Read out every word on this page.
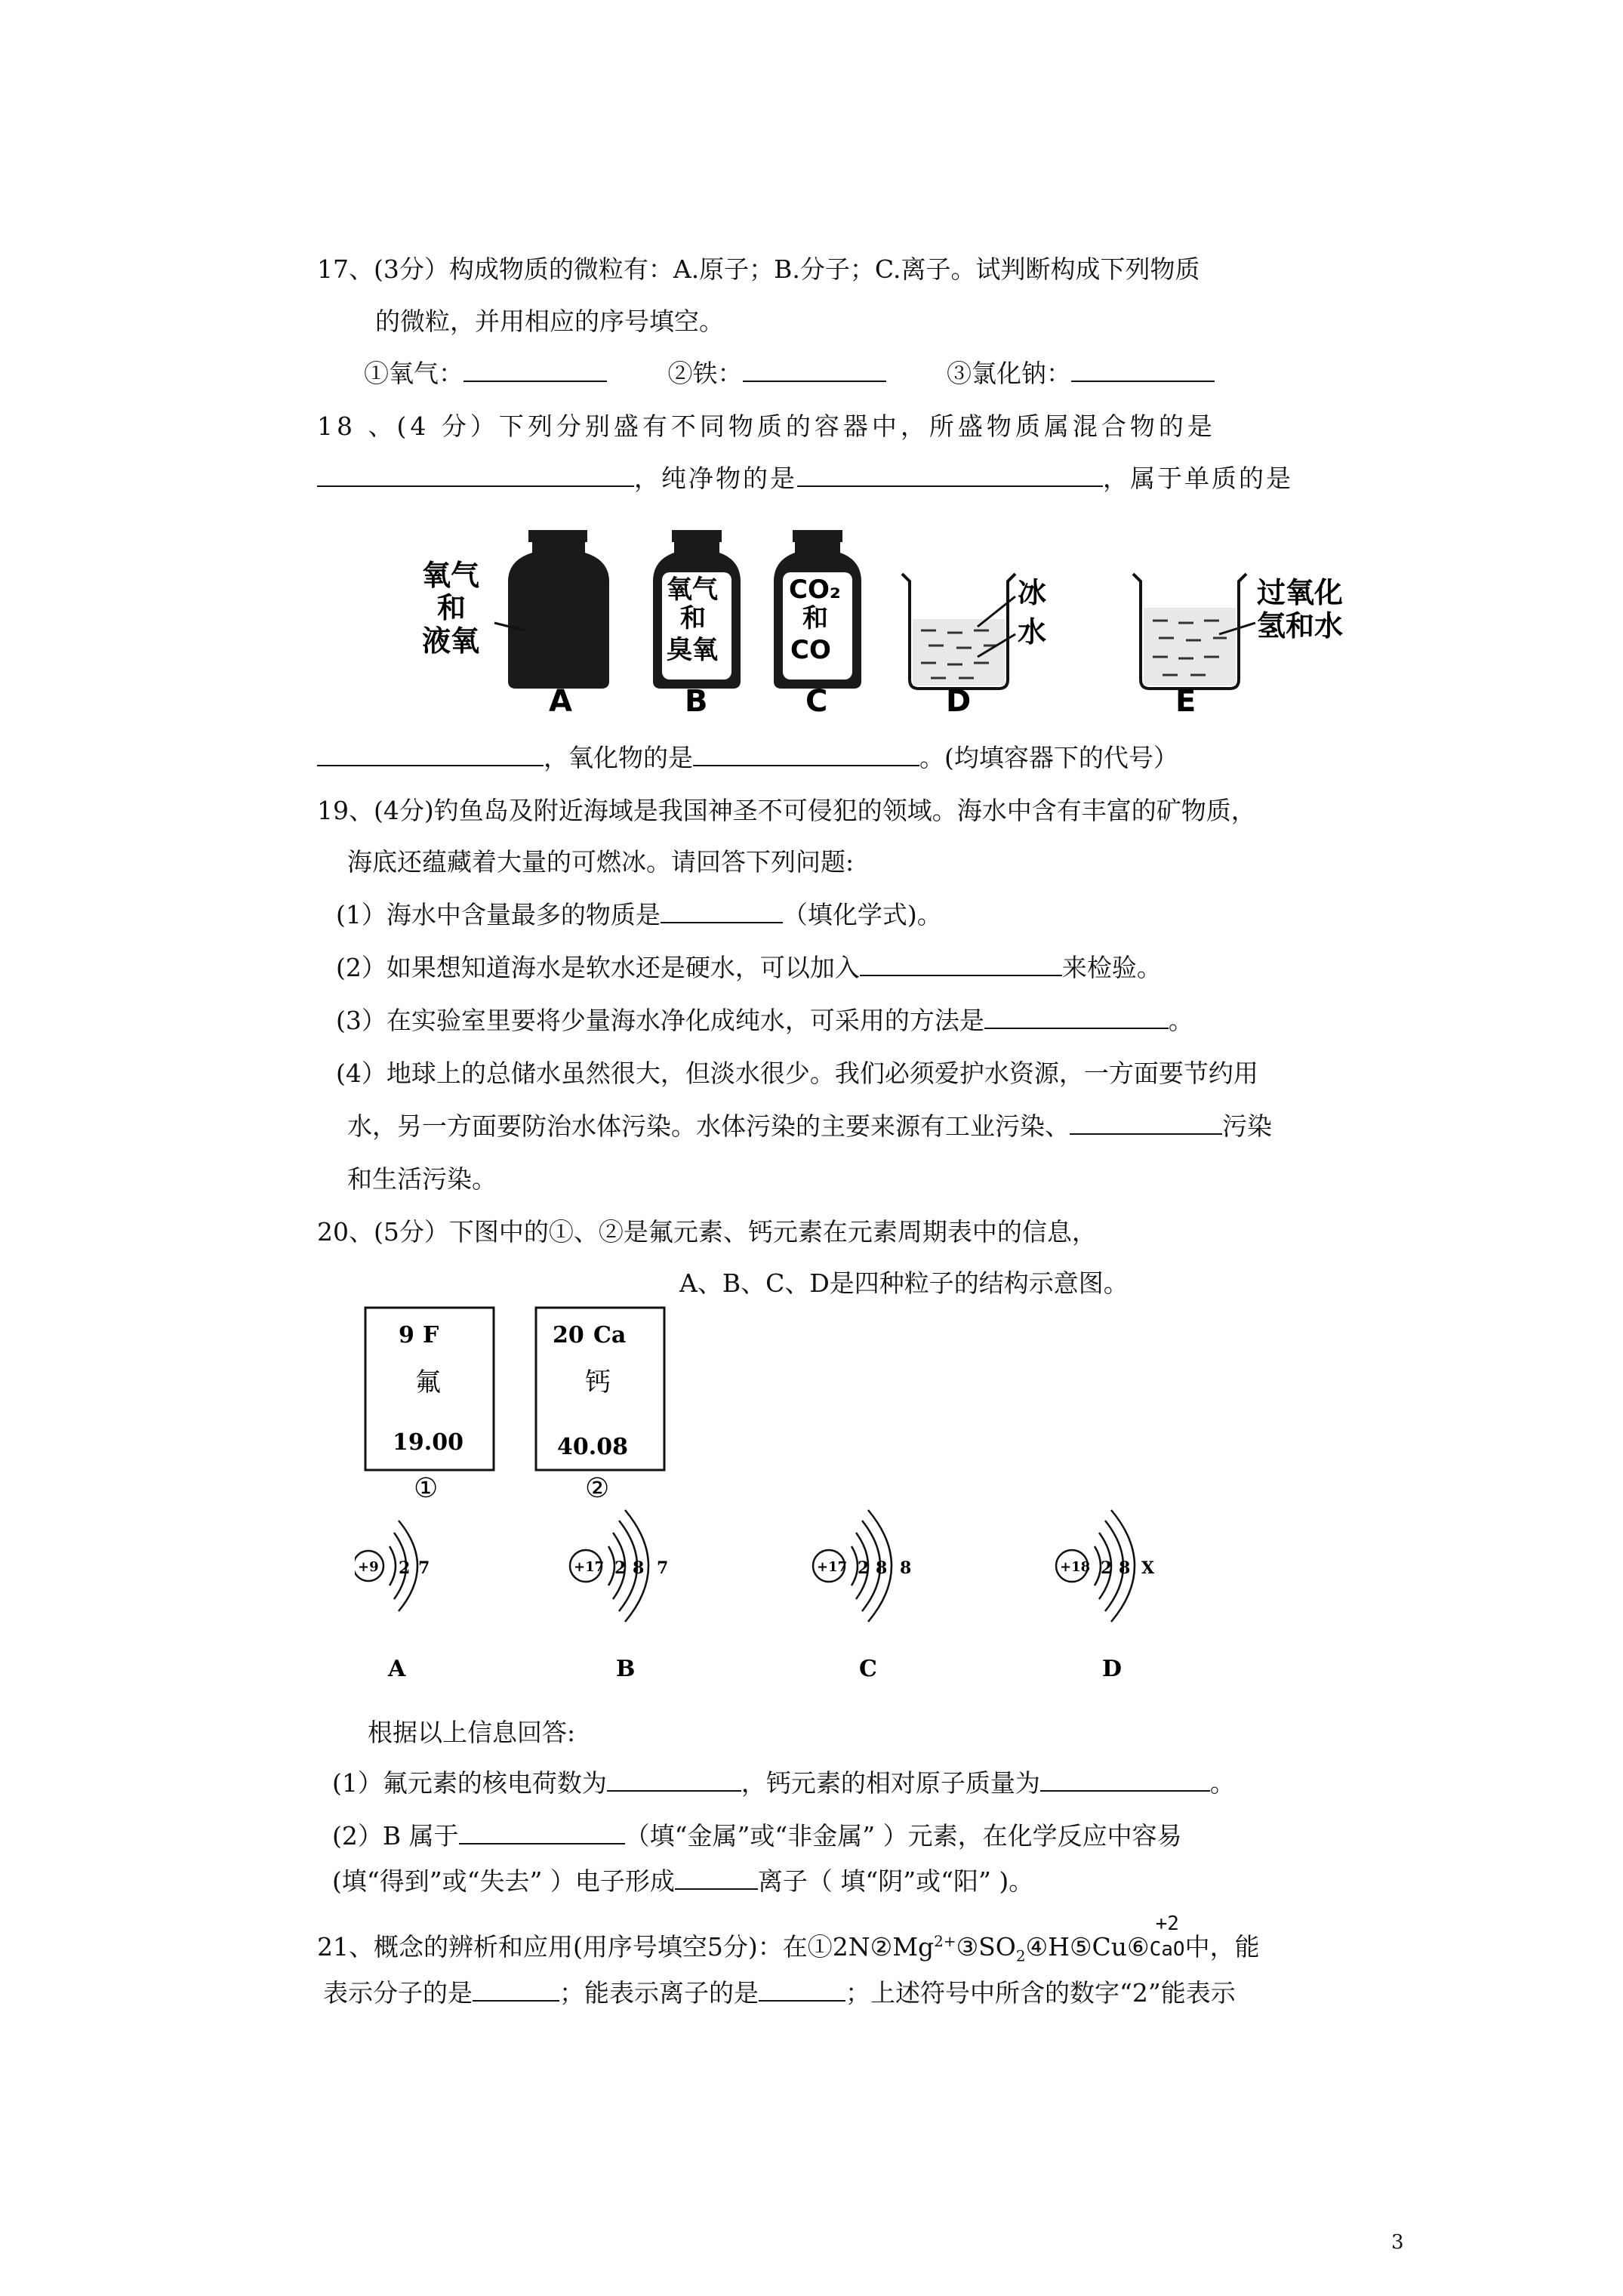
17、(3分）构成物质的微粒有：A.原子；B.分子；C.离子。试判断构成下列物质
的微粒，并用相应的序号填空。
①氧气：	②铁：	③氯化钠：
18 、(4 分）下列分别盛有不同物质的容器中，所盛物质属混合物的是
，纯净物的是	，属于单质的是
氧气
和
液氧
A
氧气
和
臭氧
B
CO₂
和
CO
C
冰
水
D
过氧化
氢和水
E
，氧化物的是	。(均填容器下的代号）
19、(4分)钓鱼岛及附近海域是我国神圣不可侵犯的领域。海水中含有丰富的矿物质，
海底还蕴藏着大量的可燃冰。请回答下列问题:
(1）海水中含量最多的物质是	（填化学式)。
(2）如果想知道海水是软水还是硬水，可以加入	来检验。
(3）在实验室里要将少量海水净化成纯水，可采用的方法是	。
(4）地球上的总储水虽然很大，但淡水很少。我们必须爱护水资源，一方面要节约用
水，另一方面要防治水体污染。水体污染的主要来源有工业污染、	污染
和生活污染。
20、(5分）下图中的①、②是氟元素、钙元素在元素周期表中的信息，
A、B、C、D是四种粒子的结构示意图。
9 F
氟
19.00
①
20 Ca
钙
40.08
②
+9 2 7
A
+17 2 8 7
B
+17 2 8 8
C
+18 2 8 X
D
根据以上信息回答:
(1）氟元素的核电荷数为	，钙元素的相对原子质量为	。
(2）B 属于	（填“金属”或“非金属” ）元素，在化学反应中容易
(填“得到”或“失去” ）电子形成	离子（ 填“阴”或“阳” )。
21、概念的辨析和应用(用序号填空5分)：在$①2N②Mg^{2+}③SO_2④H⑤Cu⑥$
+2
CaO中，能
表示分子的是	；能表示离子的是	；上述符号中所含的数字“2”能表示
3
